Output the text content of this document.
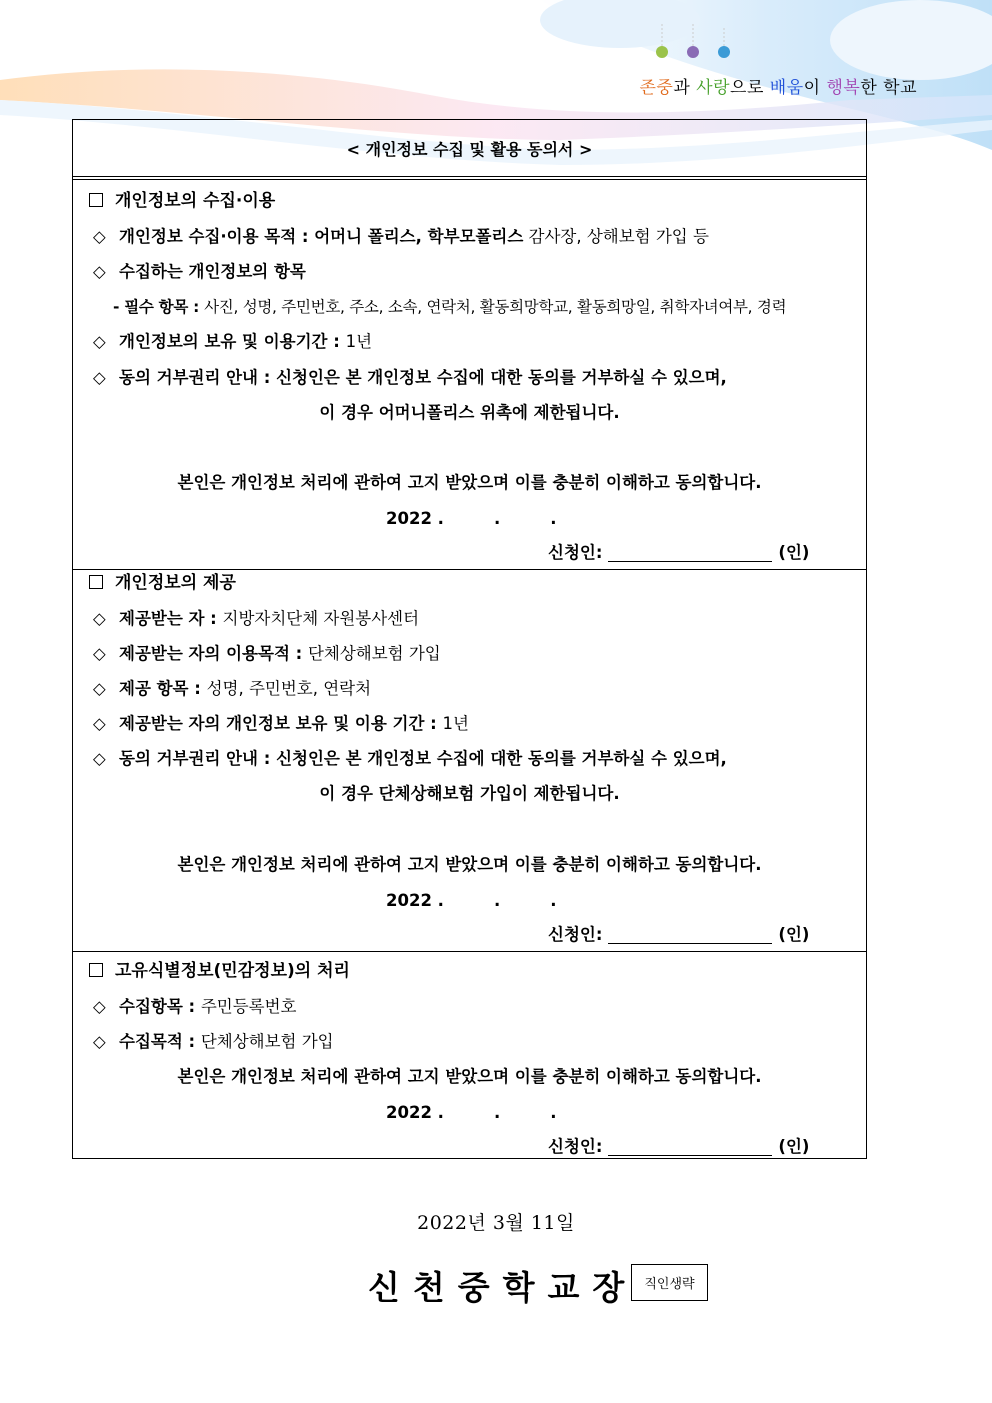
존중과 사랑으로 배움이 행복한 학교
< 개인정보 수집 및 활용 동의서 >
개인정보의 수집·이용
◇ 개인정보 수집·이용 목적 : 어머니 폴리스, 학부모폴리스 감사장, 상해보험 가입 등
◇ 수집하는 개인정보의 항목
- 필수 항목 : 사진, 성명, 주민번호, 주소, 소속, 연락처, 활동희망학교, 활동희망일, 취학자녀여부, 경력
◇ 개인정보의 보유 및 이용기간 : 1년
◇ 동의 거부권리 안내 : 신청인은 본 개인정보 수집에 대한 동의를 거부하실 수 있으며,
이 경우 어머니폴리스 위촉에 제한됩니다.
본인은 개인정보 처리에 관하여 고지 받았으며 이를 충분히 이해하고 동의합니다.
2022 .	.	.
신청인:	(인)
개인정보의 제공
◇ 제공받는 자 : 지방자치단체 자원봉사센터
◇ 제공받는 자의 이용목적 : 단체상해보험 가입
◇ 제공 항목 : 성명, 주민번호, 연락처
◇ 제공받는 자의 개인정보 보유 및 이용 기간 : 1년
◇ 동의 거부권리 안내 : 신청인은 본 개인정보 수집에 대한 동의를 거부하실 수 있으며,
이 경우 단체상해보험 가입이 제한됩니다.
본인은 개인정보 처리에 관하여 고지 받았으며 이를 충분히 이해하고 동의합니다.
2022 .	.	.
신청인:	(인)
고유식별정보(민감정보)의 처리
◇ 수집항목 : 주민등록번호
◇ 수집목적 : 단체상해보험 가입
본인은 개인정보 처리에 관하여 고지 받았으며 이를 충분히 이해하고 동의합니다.
2022 .	.	.
신청인:	(인)
2022년 3월 11일
신천중학교장 직인생략
